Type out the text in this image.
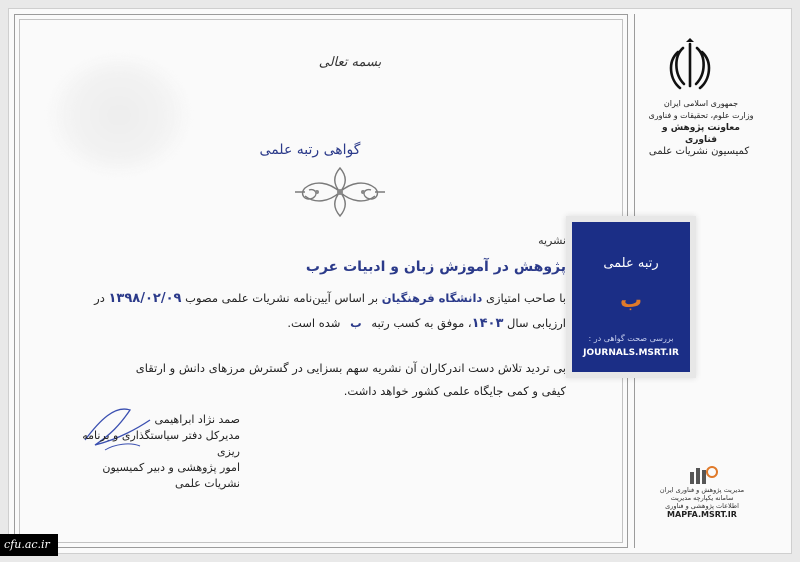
بسمه تعالی
گواهی رتبه علمی
نشریه
پژوهش در آموزش زبان و ادبیات عرب
با صاحب امتیازی دانشگاه فرهنگیان بر اساس آیین‌نامه نشریات علمی مصوب ۱۳۹۸/۰۲/۰۹ در
ارزیابی سال ۱۴۰۳، موفق به کسب رتبه ب شده است.
بی تردید تلاش دست اندرکاران آن نشریه سهم بسزایی در گسترش مرزهای دانش و ارتقای
کیفی و کمی جایگاه علمی کشور خواهد داشت.
صمد نژاد ابراهیمی
مدیرکل دفتر سیاستگذاری و برنامه ریزی
امور پژوهشی و دبیر کمیسیون
نشریات علمی
رتبه علمی
ب
بررسی صحت گواهی در :
JOURNALS.MSRT.IR
جمهوری اسلامی ایران
وزارت علوم، تحقیقات و فناوری
معاونت پژوهش و فناوری
کمیسیون نشریات علمی
مدیریت پژوهش و فناوری ایران
سامانه یکپارچه مدیریت
اطلاعات پژوهشی و فناوری
MAPFA.MSRT.IR
cfu.ac.ir
